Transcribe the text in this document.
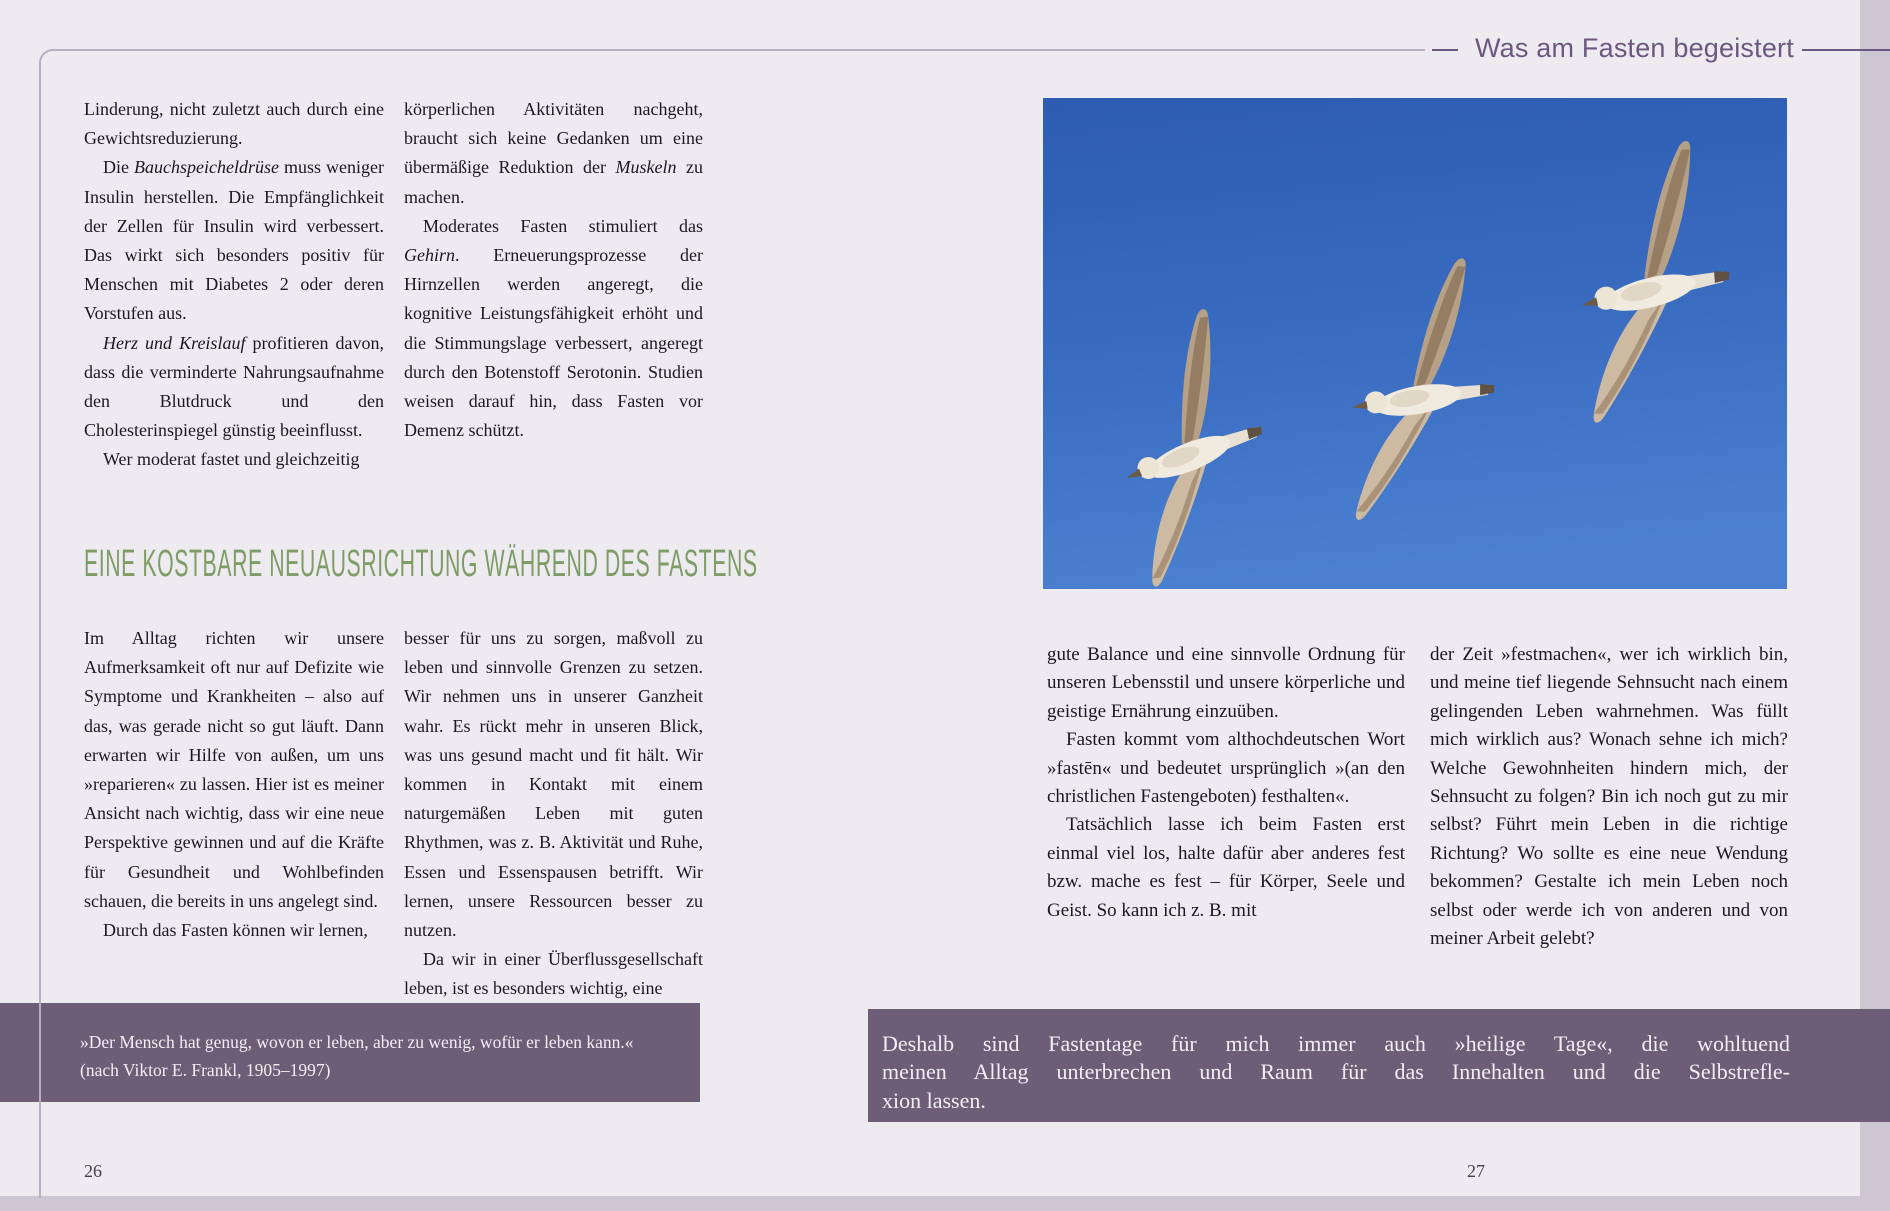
Was am Fasten begeistert

Linderung, nicht zuletzt auch durch eine Gewichtsreduzierung.

Die Bauchspeicheldrüse muss weniger Insulin herstellen. Die Empfänglichkeit der Zellen für Insulin wird verbessert. Das wirkt sich besonders positiv für Menschen mit Diabetes 2 oder deren Vorstufen aus.

Herz und Kreislauf profitieren davon, dass die verminderte Nahrungsaufnahme den Blutdruck und den Cholesterinspiegel günstig beeinflusst.

Wer moderat fastet und gleichzeitig

körperlichen Aktivitäten nachgeht, braucht sich keine Gedanken um eine übermäßige Reduktion der Muskeln zu machen.

Moderates Fasten stimuliert das Gehirn. Erneuerungsprozesse der Hirnzellen werden angeregt, die kognitive Leistungsfähigkeit erhöht und die Stimmungslage verbessert, angeregt durch den Botenstoff Serotonin. Studien weisen darauf hin, dass Fasten vor Demenz schützt.

EINE KOSTBARE NEUAUSRICHTUNG WÄHREND DES FASTENS

Im Alltag richten wir unsere Aufmerksamkeit oft nur auf Defizite wie Symptome und Krankheiten – also auf das, was gerade nicht so gut läuft. Dann erwarten wir Hilfe von außen, um uns »reparieren« zu lassen. Hier ist es meiner Ansicht nach wichtig, dass wir eine neue Perspektive gewinnen und auf die Kräfte für Gesundheit und Wohlbefinden schauen, die bereits in uns angelegt sind.

Durch das Fasten können wir lernen,

besser für uns zu sorgen, maßvoll zu leben und sinnvolle Grenzen zu setzen. Wir nehmen uns in unserer Ganzheit wahr. Es rückt mehr in unseren Blick, was uns gesund macht und fit hält. Wir kommen in Kontakt mit einem naturgemäßen Leben mit guten Rhythmen, was z. B. Aktivität und Ruhe, Essen und Essenspausen betrifft. Wir lernen, unsere Ressourcen besser zu nutzen.

Da wir in einer Überflussgesellschaft leben, ist es besonders wichtig, eine

gute Balance und eine sinnvolle Ordnung für unseren Lebensstil und unsere körperliche und geistige Ernährung einzuüben.

Fasten kommt vom althochdeutschen Wort »fastēn« und bedeutet ursprünglich »(an den christlichen Fastengeboten) festhalten«.

Tatsächlich lasse ich beim Fasten erst einmal viel los, halte dafür aber anderes fest bzw. mache es fest – für Körper, Seele und Geist. So kann ich z. B. mit

der Zeit »festmachen«, wer ich wirklich bin, und meine tief liegende Sehnsucht nach einem gelingenden Leben wahrnehmen. Was füllt mich wirklich aus? Wonach sehne ich mich? Welche Gewohnheiten hindern mich, der Sehnsucht zu folgen? Bin ich noch gut zu mir selbst? Führt mein Leben in die richtige Richtung? Wo sollte es eine neue Wendung bekommen? Gestalte ich mein Leben noch selbst oder werde ich von anderen und von meiner Arbeit gelebt?

»Der Mensch hat genug, wovon er leben, aber zu wenig, wofür er leben kann.«
(nach Viktor E. Frankl, 1905–1997)
Deshalb sind Fastentage für mich immer auch »heilige Tage«, die wohltuend
meinen Alltag unterbrechen und Raum für das Innehalten und die Selbstrefle-
xion lassen.
26	27
